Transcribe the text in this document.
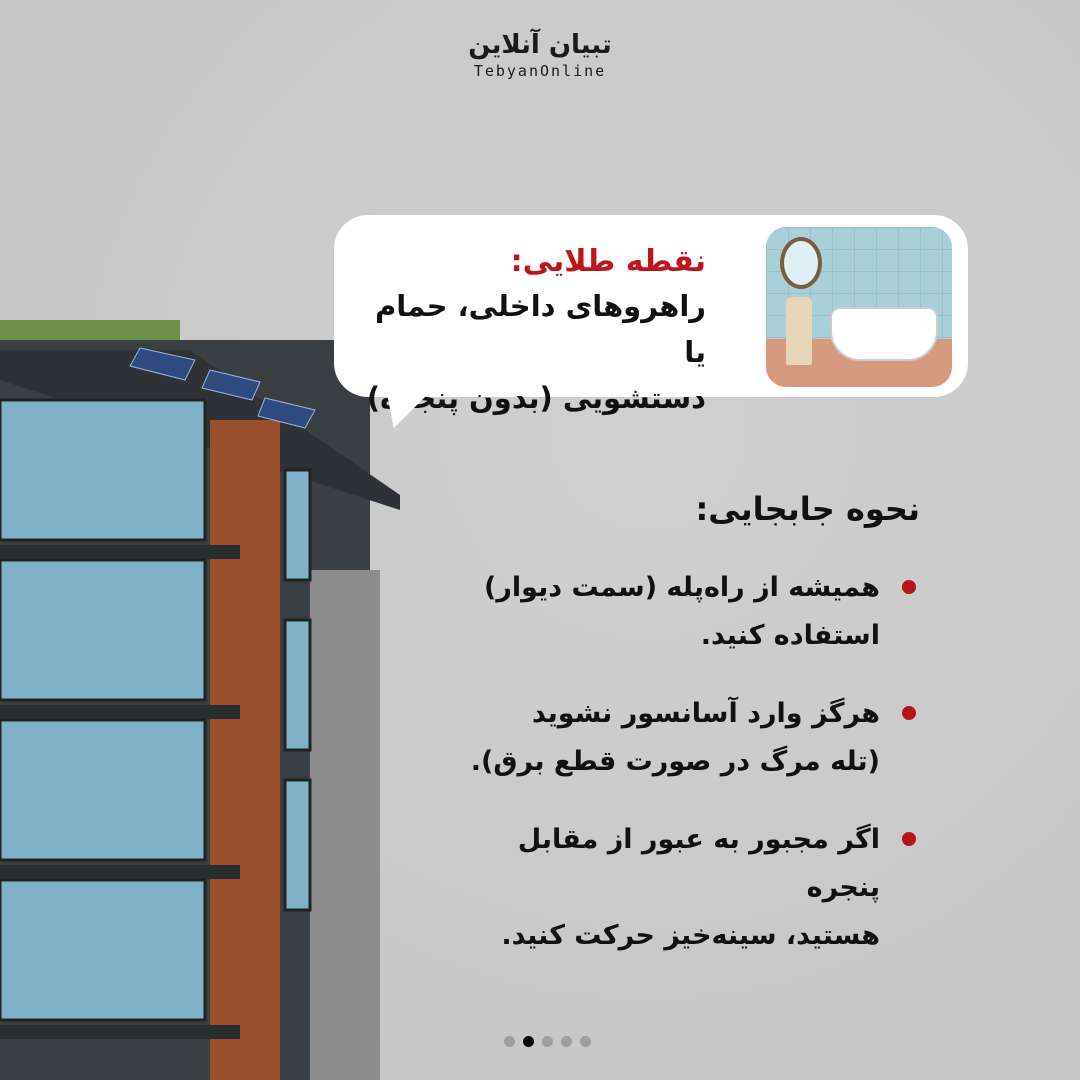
تبیان آنلاین
TebyanOnline
نقطه طلایی:
راهروهای داخلی، حمام یا
دستشویی (بدون پنجره)
نحوه جابجایی:
همیشه از راه‌پله (سمت دیوار)
استفاده کنید.
هرگز وارد آسانسور نشوید
(تله مرگ در صورت قطع برق).
اگر مجبور به عبور از مقابل پنجره
هستید، سینه‌خیز حرکت کنید.
